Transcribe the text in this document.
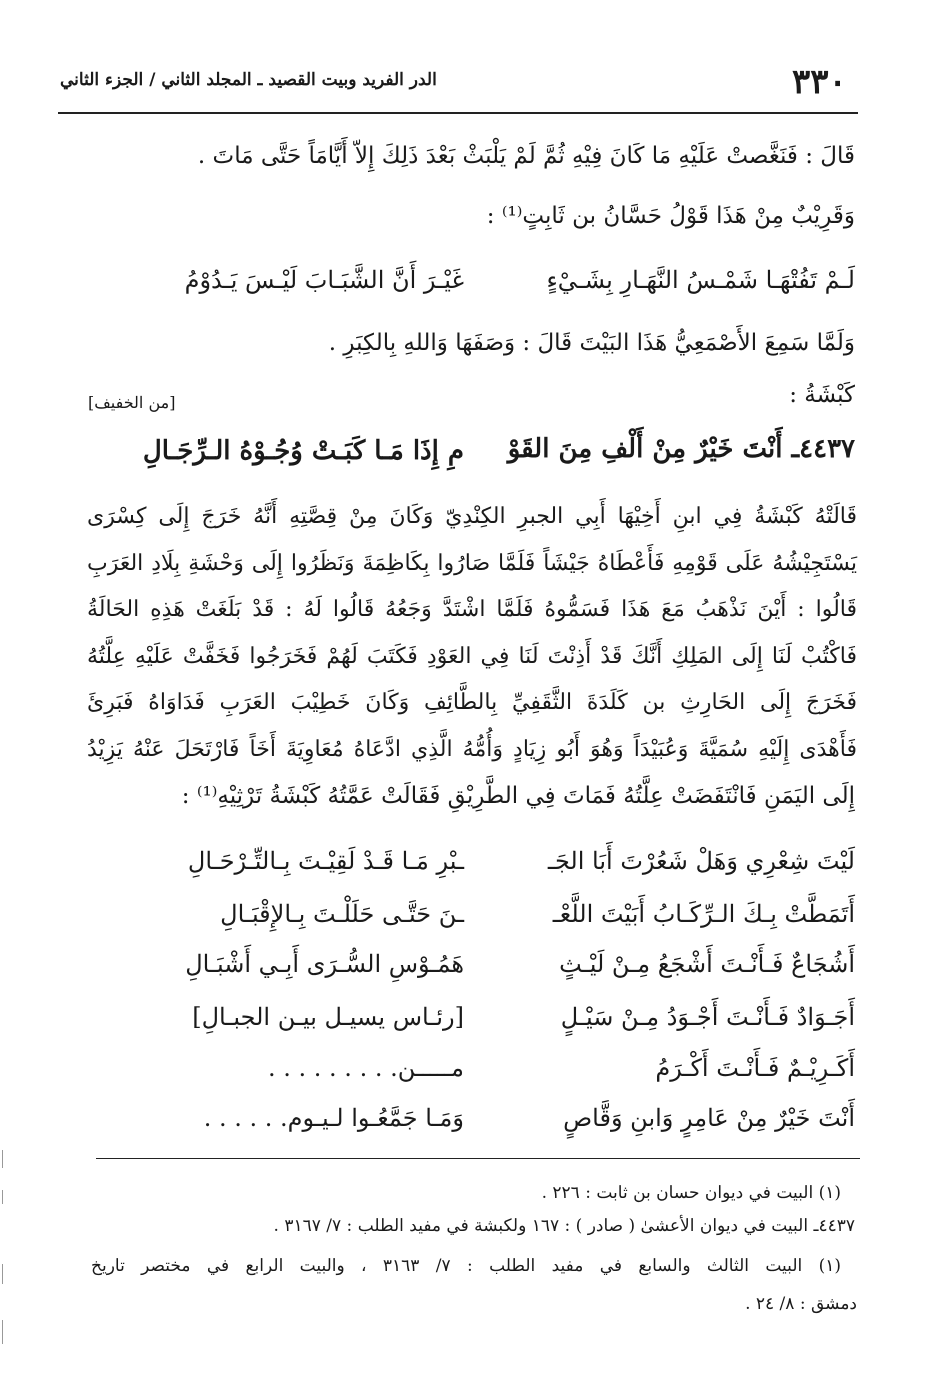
٣٣٠
الدر الفريد وبيت القصيد ـ المجلد الثاني / الجزء الثاني
قَالَ : فَنَغَّصتْ عَلَيْهِ مَا كَانَ فِيْهِ ثُمَّ لَمْ يَلْبَثْ بَعْدَ ذَلِكَ إِلاّ أَيَّامَاً حَتَّى مَاتَ .
وَقَرِيْبٌ مِنْ هَذَا قَوْلُ حَسَّانُ بن ثَابِتٍ⁽¹⁾ :
لَـمْ تَفُتْهَـا شَمْـسُ النَّهَـارِ بِشَـيْءٍ
غَيْـرَ أَنَّ الشَّبَـابَ لَيْـسَ يَـدُوْمُ
وَلَمَّا سَمِعَ الأَصْمَعِيُّ هَذَا البَيْتَ قَالَ : وَصَفَهَا وَاللهِ بِالكِبَرِ .
كَبْشَةُ :
[من الخفيف]
٤٤٣٧ـ أَنْتَ خَيْرٌ مِنْ أَلْفِ مِنَ القَوْ
مِ إِذَا مَـا كَبَـتْ وُجُـوْهُ الـرِّجَـالِ
قَالَتْهُ كَبْشَةُ فِي ابنِ أَخِيْهَا أَبِي الجبرِ الكِنْدِيّ وَكَانَ مِنْ قِصَّتِهِ أَنَّهُ خَرَجَ إِلَى كِسْرَى
يَسْتَجِيْشُهُ عَلَى قَوْمِهِ فَأَعْطَاهُ جَيْشَاً فَلَمَّا صَارُوا بِكَاظِمَةَ وَنَظَرُوا إِلَى وَحْشَةِ بِلَادِ العَرَبِ
قَالُوا : أَيْنَ نَذْهَبُ مَعَ هَذَا فَسَمُّوهُ فَلَمَّا اشْتَدَّ وَجَعُهُ قَالُوا لَهُ : قَدْ بَلَغَتْ هَذِهِ الحَالَةُ
فَاكْتُبْ لَنَا إِلَى المَلِكِ أَنَّكَ قَدْ أَذِنْتَ لَنَا فِي العَوْدِ فَكَتَبَ لَهُمْ فَخَرَجُوا فَخَفَّتْ عَلَيْهِ عِلَّتُهُ
فَخَرَجَ إِلَى الحَارِثِ بن كَلَدَةَ الثَّقَفِيِّ بِالطَّائِفِ وَكَانَ خَطِيْبَ العَرَبِ فَدَاوَاهُ فَبَرِئَ
فَأَهْدَى إِلَيْهِ سُمَيَّةَ وَعُبَيْدَاً وَهُوَ أَبُو زِيَادٍ وَأُمُّهُ الَّذِي ادَّعَاهُ مُعَاوِيَةَ أَخَاً فَارْتَحَلَ عَنْهُ يَزِيْدُ
إِلَى اليَمَنِ فَانْتَفَضَتْ عِلَّتُهُ فَمَاتَ فِي الطَّرِيْقِ فَقَالَتْ عَمَّتُهُ كَبْشَةُ تَرْثِيْهِ⁽¹⁾ :
لَيْتَ شِعْرِي وَهَلْ شَعُرْتَ أَبَا الجَـ
ـبْرِ مَـا قَـدْ لَقِيْـتَ بِـالتِّـرْحَـالِ
أَتَمَطَّتْ بِـكَ الـرِّكَـابُ أَبَيْتَ اللَّعْـ
ـنَ حَتَّـى حَلَلْـتَ بِـالإِقْبَـالِ
أَشُجَاعٌ فَـأَنْـتَ أَشْجَعُ مِـنْ لَيْـثٍ
هَمُـوْسِ السُّـرَى أَبِـي أَشْبَـالِ
أَجَـوَادٌ فَـأَنْـتَ أَجْـوَدُ مِـنْ سَيْـلٍ
[رئـاس يسيـل بيـن الجبـالِ]
أَكَـرِيْـمٌ فَـأَنْـتَ أَكْـرَمُ
مـــــن. . . . . . . . .
أَنْتَ خَيْرٌ مِنْ عَامِرٍ وَابنِ وَقَّاصٍ
وَمَـا جَمَّعُـوا لـيـوم. . . . . .
(١) البيت في ديوان حسان بن ثابت : ٢٢٦ .
٤٤٣٧ـ البيت في ديوان الأعشىٰ ( صادر ) : ١٦٧ ولكبشة في مفيد الطلب : ٧/ ٣١٦٧ .
(١) البيت الثالث والسابع في مفيد الطلب : ٧/ ٣١٦٣ ، والبيت الرابع في مختصر تاريخ
دمشق : ٨/ ٢٤ .
